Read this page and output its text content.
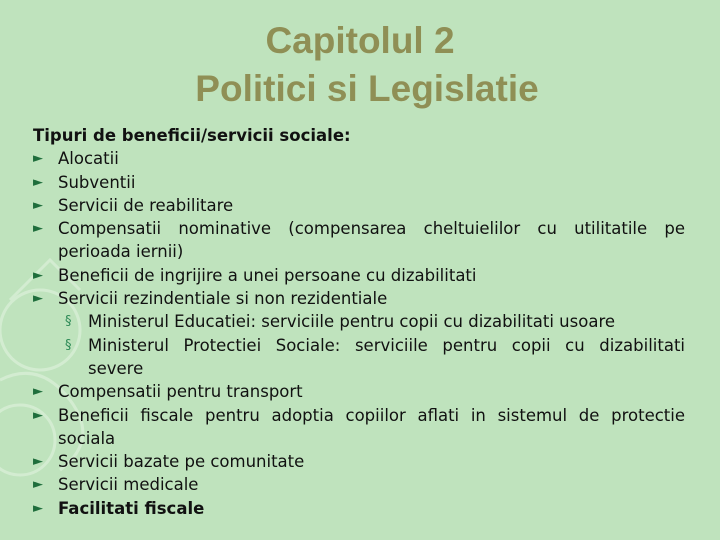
Capitolul 2
Politici si Legislatie
Tipuri de beneficii/servicii sociale:
► Alocatii
► Subventii
► Servicii de reabilitare
► Compensatii nominative (compensarea cheltuielilor cu utilitatile pe
perioada iernii)
► Beneficii de ingrijire a unei persoane cu dizabilitati
► Servicii rezindentiale si non rezidentiale
§ Ministerul Educatiei: serviciile pentru copii cu dizabilitati usoare
§ Ministerul Protectiei Sociale: serviciile pentru copii cu dizabilitati
severe
► Compensatii pentru transport
► Beneficii fiscale pentru adoptia copiilor aflati in sistemul de protectie
sociala
► Servicii bazate pe comunitate
► Servicii medicale
► Facilitati fiscale
